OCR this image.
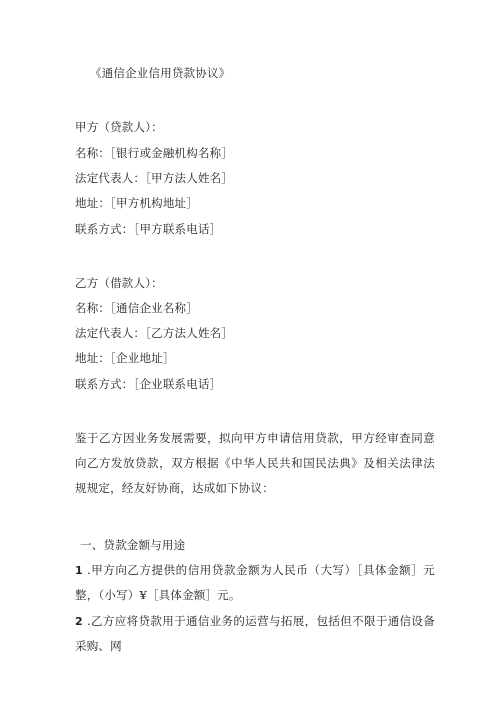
《通信企业信用贷款协议》
甲方（贷款人）：
名称：［银行或金融机构名称］
法定代表人：［甲方法人姓名］
地址：［甲方机构地址］
联系方式：［甲方联系电话］
乙方（借款人）：
名称：［通信企业名称］
法定代表人：［乙方法人姓名］
地址：［企业地址］
联系方式：［企业联系电话］
鉴于乙方因业务发展需要，拟向甲方申请信用贷款，甲方经审查同意向乙方发放贷款，双方根据《中华人民共和国民法典》及相关法律法规规定，经友好协商，达成如下协议：
一、贷款金额与用途
1 .甲方向乙方提供的信用贷款金额为人民币（大写）［具体金额］元整，（小写）¥［具体金额］元。
2 .乙方应将贷款用于通信业务的运营与拓展，包括但不限于通信设备采购、网
